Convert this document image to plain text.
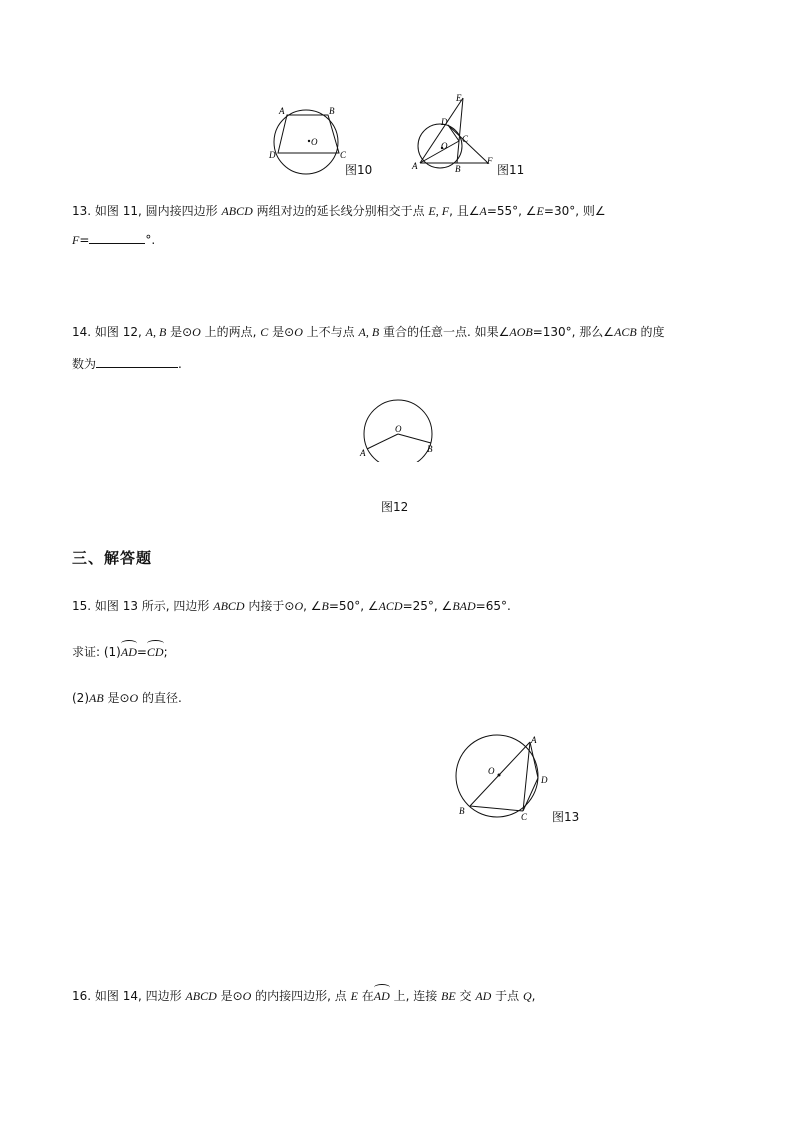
A	B
C
D
O
图10
E
D
C
O
A	B
F
图11
13. 如图 11, 圆内接四边形 ABCD 两组对边的延长线分别相交于点 E, F, 且∠A=55°, ∠E=30°, 则∠
F=	°.
14. 如图 12, A, B 是⊙O 上的两点, C 是⊙O 上不与点 A, B 重合的任意一点. 如果∠AOB=130°, 那么∠ACB 的度
数为	.
O
A	B
图12
三、解答题
15. 如图 13 所示, 四边形 ABCD 内接于⊙O, ∠B=50°, ∠ACD=25°, ∠BAD=65°.
求证: (1)AD=CD;
(2)AB 是⊙O 的直径.
A
O
D
B
C 图13
16. 如图 14, 四边形 ABCD 是⊙O 的内接四边形, 点 E 在AD 上, 连接 BE 交 AD 于点 Q,
